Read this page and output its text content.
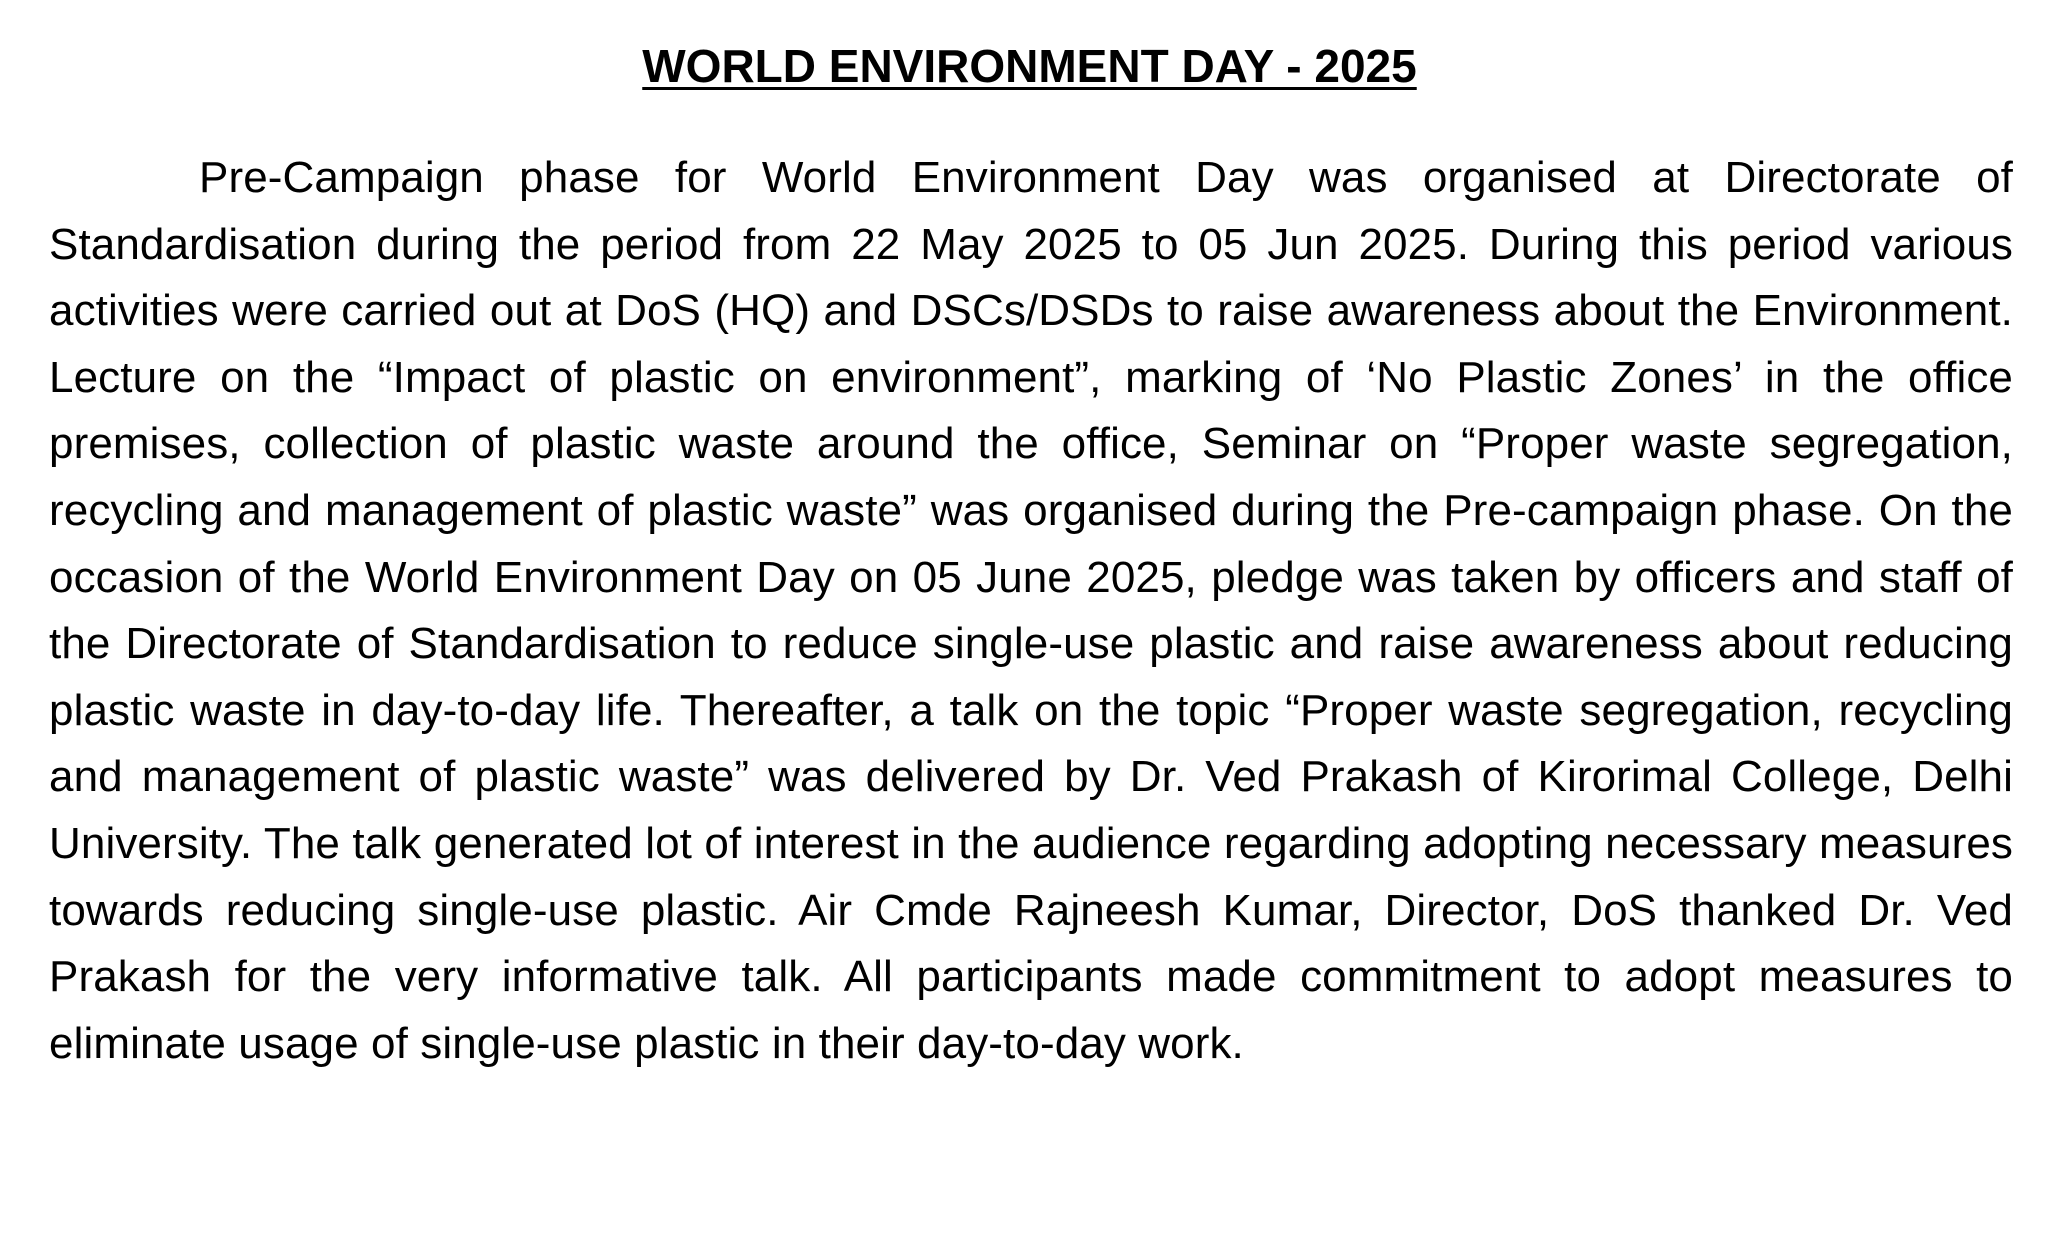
WORLD ENVIRONMENT DAY - 2025

Pre-Campaign phase for World Environment Day was organised at Directorate of Standardisation during the period from 22 May 2025 to 05 Jun 2025. During this period various activities were carried out at DoS (HQ) and DSCs/DSDs to raise awareness about the Environment. Lecture on the “Impact of plastic on environment”, marking of ‘No Plastic Zones’ in the office premises, collection of plastic waste around the office, Seminar on “Proper waste segregation, recycling and management of plastic waste” was organised during the Pre-campaign phase. On the occasion of the World Environment Day on 05 June 2025, pledge was taken by officers and staff of the Directorate of Standardisation to reduce single-use plastic and raise awareness about reducing plastic waste in day-to-day life. Thereafter, a talk on the topic “Proper waste segregation, recycling and management of plastic waste” was delivered by Dr. Ved Prakash of Kirorimal College, Delhi University. The talk generated lot of interest in the audience regarding adopting necessary measures towards reducing single-use plastic. Air Cmde Rajneesh Kumar, Director, DoS thanked Dr. Ved Prakash for the very informative talk. All participants made commitment to adopt measures to eliminate usage of single-use plastic in their day-to-day work.
